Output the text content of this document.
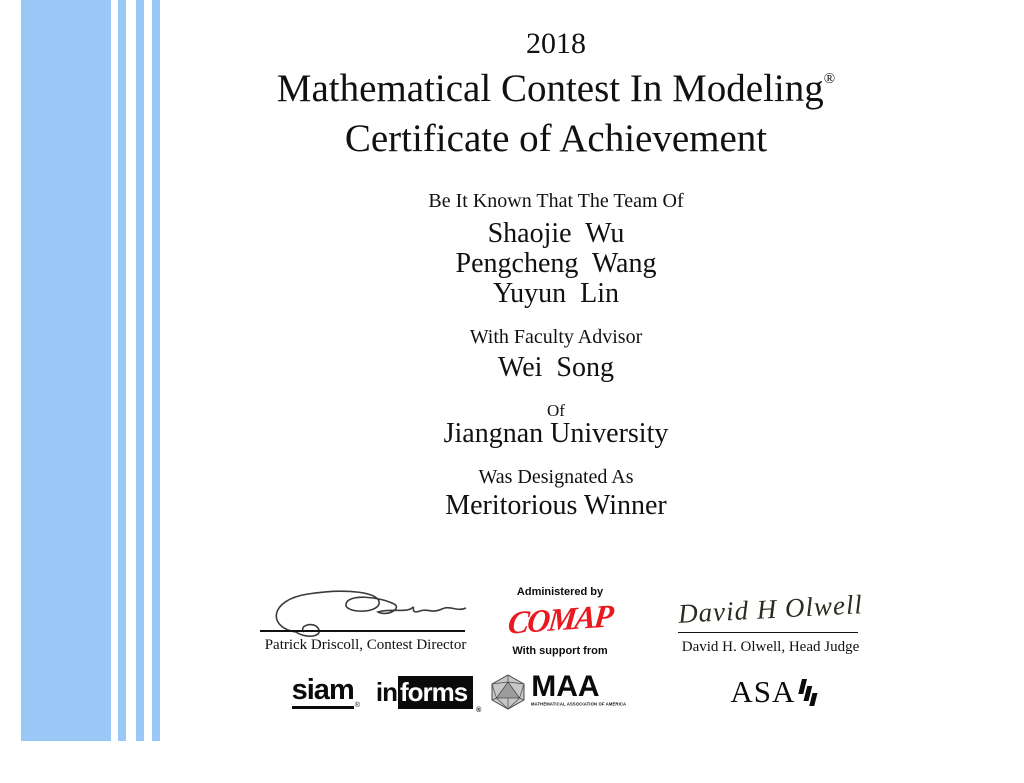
2018
Mathematical Contest In Modeling®
Certificate of Achievement
Be It Known That The Team Of
Shaojie  Wu
Pengcheng  Wang
Yuyun  Lin
With Faculty Advisor
Wei  Song
Of
Jiangnan University
Was Designated As
Meritorious Winner
Patrick Driscoll, Contest Director
Administered by
COMAP
With support from
David H Olwell
David H. Olwell, Head Judge
siam ® in forms
®
MAA
MATHEMATICAL ASSOCIATION OF AMERICA	ASA
